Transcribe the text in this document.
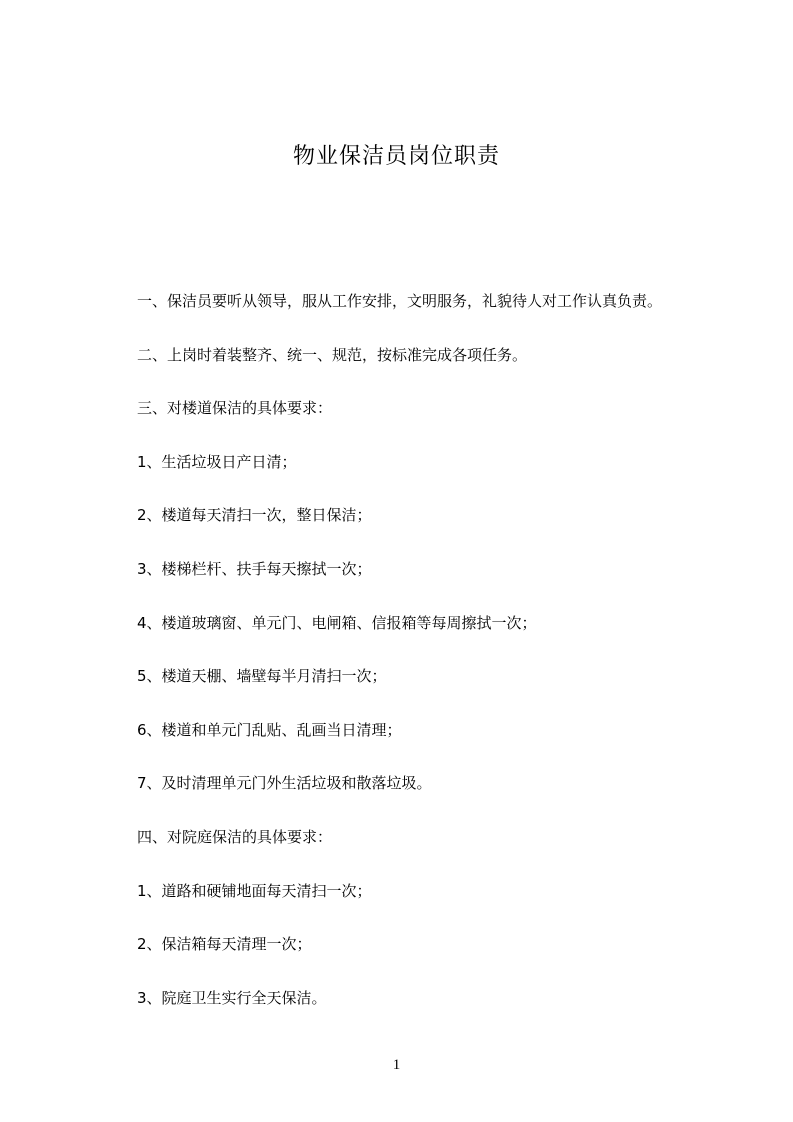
物业保洁员岗位职责
一、保洁员要听从领导，服从工作安排，文明服务，礼貌待人对工作认真负责。
二、上岗时着装整齐、统一、规范，按标准完成各项任务。
三、对楼道保洁的具体要求：
1、生活垃圾日产日清；
2、楼道每天清扫一次，整日保洁；
3、楼梯栏杆、扶手每天擦拭一次；
4、楼道玻璃窗、单元门、电闸箱、信报箱等每周擦拭一次；
5、楼道天棚、墙壁每半月清扫一次；
6、楼道和单元门乱贴、乱画当日清理；
7、及时清理单元门外生活垃圾和散落垃圾。
四、对院庭保洁的具体要求：
1、道路和硬铺地面每天清扫一次；
2、保洁箱每天清理一次；
3、院庭卫生实行全天保洁。
1
